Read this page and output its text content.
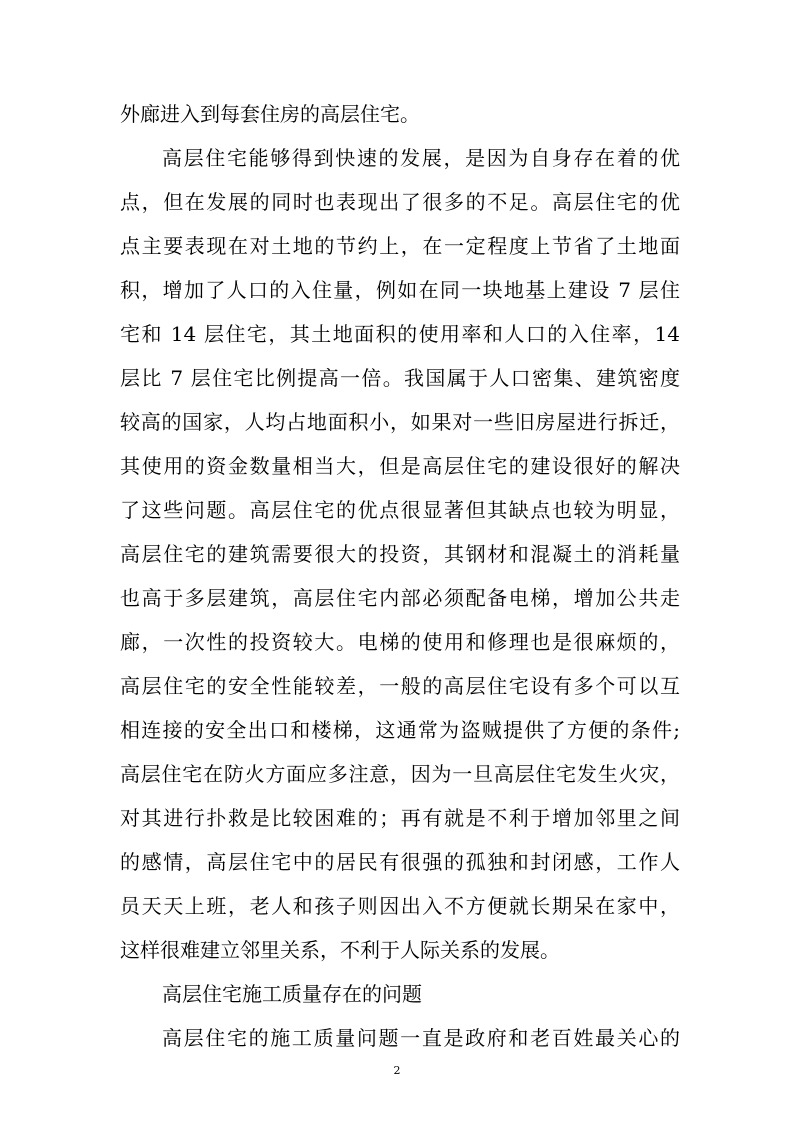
外廊进入到每套住房的高层住宅。
高层住宅能够得到快速的发展，是因为自身存在着的优
点，但在发展的同时也表现出了很多的不足。高层住宅的优
点主要表现在对土地的节约上，在一定程度上节省了土地面
积，增加了人口的入住量，例如在同一块地基上建设 7 层住
宅和 14 层住宅，其土地面积的使用率和人口的入住率，14
层比 7 层住宅比例提高一倍。我国属于人口密集、建筑密度
较高的国家，人均占地面积小，如果对一些旧房屋进行拆迁，
其使用的资金数量相当大，但是高层住宅的建设很好的解决
了这些问题。高层住宅的优点很显著但其缺点也较为明显，
高层住宅的建筑需要很大的投资，其钢材和混凝土的消耗量
也高于多层建筑，高层住宅内部必须配备电梯，增加公共走
廊，一次性的投资较大。电梯的使用和修理也是很麻烦的，
高层住宅的安全性能较差，一般的高层住宅设有多个可以互
相连接的安全出口和楼梯，这通常为盗贼提供了方便的条件;
高层住宅在防火方面应多注意，因为一旦高层住宅发生火灾，
对其进行扑救是比较困难的；再有就是不利于增加邻里之间
的感情，高层住宅中的居民有很强的孤独和封闭感，工作人
员天天上班，老人和孩子则因出入不方便就长期呆在家中，
这样很难建立邻里关系，不利于人际关系的发展。
高层住宅施工质量存在的问题
高层住宅的施工质量问题一直是政府和老百姓最关心的
2
